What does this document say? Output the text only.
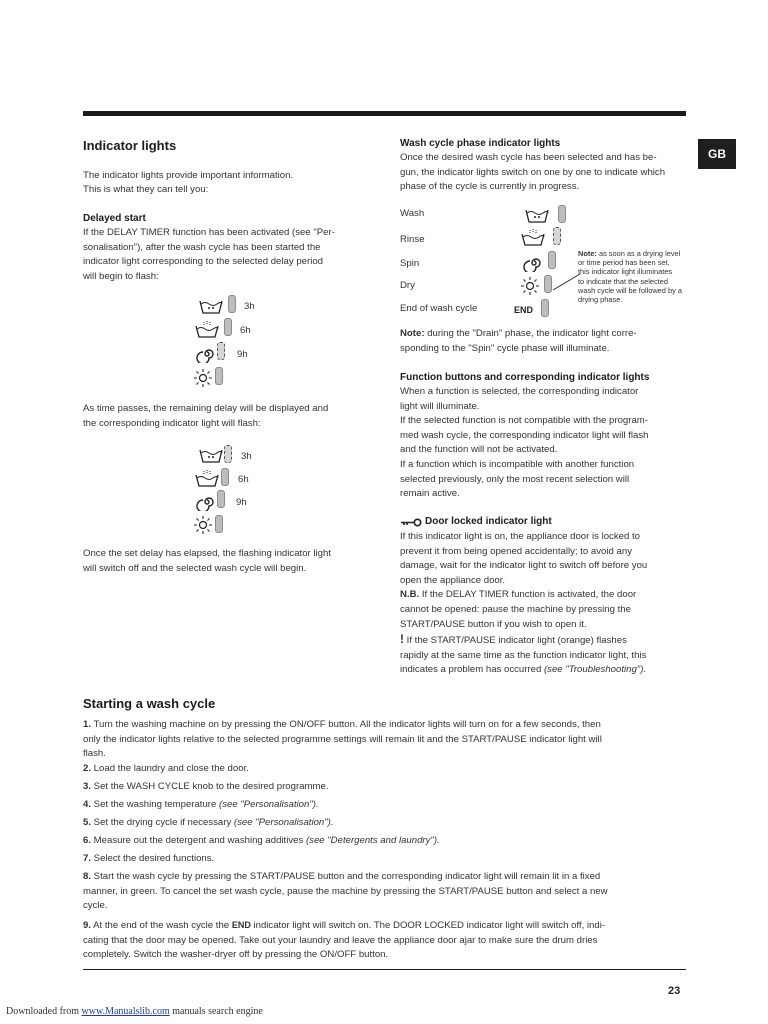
GB
Indicator lights
The indicator lights provide important information.
This is what they can tell you:
Delayed start
If the DELAY TIMER function has been activated (see "Per-
sonalisation"), after the wash cycle has been started the
indicator light corresponding to the selected delay period
will begin to flash:
3h
6h
9h
As time passes, the remaining delay will be displayed and
the corresponding indicator light will flash:
3h
6h
9h
Once the set delay has elapsed, the flashing indicator light
will switch off and the selected wash cycle will begin.
Wash cycle phase indicator lights
Once the desired wash cycle has been selected and has be-
gun, the indicator lights switch on one by one to indicate which
phase of the cycle is currently in progress.
Wash
Rinse
Spin
Dry
End of wash cycle	END
Note: as soon as a drying level
or time period has been set,
this indicator light illuminates
to indicate that the selected
wash cycle will be followed by a
drying phase.
Note: during the "Drain" phase, the indicator light corre-
sponding to the "Spin" cycle phase will illuminate.
Function buttons and corresponding indicator lights
When a function is selected, the corresponding indicator
light will illuminate.
If the selected function is not compatible with the program-
med wash cycle, the corresponding indicator light will flash
and the function will not be activated.
If a function which is incompatible with another function
selected previously, only the most recent selection will
remain active.
Door locked indicator light
If this indicator light is on, the appliance door is locked to
prevent it from being opened accidentally; to avoid any
damage, wait for the indicator light to switch off before you
open the appliance door.
N.B. If the DELAY TIMER function is activated, the door
cannot be opened: pause the machine by pressing the
START/PAUSE button if you wish to open it.
! If the START/PAUSE indicator light (orange) flashes
rapidly at the same time as the function indicator light, this
indicates a problem has occurred (see "Troubleshooting").
Starting a wash cycle
1. Turn the washing machine on by pressing the ON/OFF button. All the indicator lights will turn on for a few seconds, then
only the indicator lights relative to the selected programme settings will remain lit and the START/PAUSE indicator light will
flash.
2. Load the laundry and close the door.
3. Set the WASH CYCLE knob to the desired programme.
4. Set the washing temperature (see "Personalisation").
5. Set the drying cycle if necessary (see "Personalisation").
6. Measure out the detergent and washing additives (see "Detergents and laundry").
7. Select the desired functions.
8. Start the wash cycle by pressing the START/PAUSE button and the corresponding indicator light will remain lit in a fixed
manner, in green. To cancel the set wash cycle, pause the machine by pressing the START/PAUSE button and select a new
cycle.
9. At the end of the wash cycle the END indicator light will switch on. The DOOR LOCKED indicator light will switch off, indi-
cating that the door may be opened. Take out your laundry and leave the appliance door ajar to make sure the drum dries
completely. Switch the washer-dryer off by pressing the ON/OFF button.
23
Downloaded from www.Manualslib.com manuals search engine
